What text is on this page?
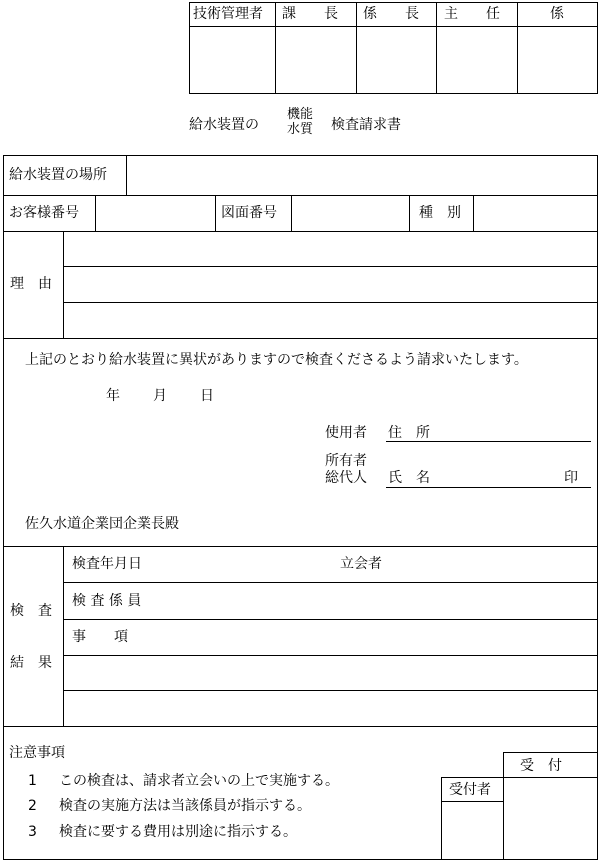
技術管理者 課　　長 係　　長 主　　任	係
給水装置の
機能
水質 検査請求書
給水装置の場所
お客様番号	図面番号	種　別
理　由
上記のとおり給水装置に異状がありますので検査くださるよう請求いたします。
年 月 日
使用者 住　所
所有者
総代人 氏　名	印
佐久水道企業団企業長殿
検　査
結　果
検査年月日	立会者
検 査 係 員
事　　項
注意事項
1 この検査は、請求者立会いの上で実施する。
2 検査の実施方法は当該係員が指示する。
3 検査に要する費用は別途に指示する。
受　付
受付者
